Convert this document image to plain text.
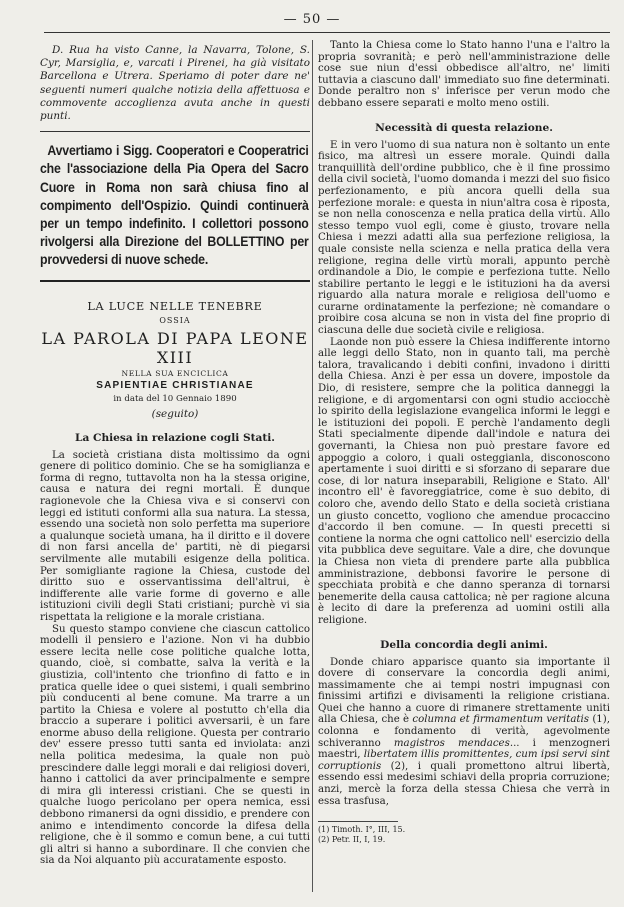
— 50 —

D. Rua ha visto Canne, la Navarra, Tolone, S. Cyr, Marsiglia, e, varcati i Pirenei, ha già visitato Barcellona e Utrera. Speriamo di poter dare ne' seguenti numeri qualche notizia della affettuosa e commovente accoglienza avuta anche in questi punti.

Avvertiamo i Sigg. Cooperatori e Cooperatrici che l'associazione della Pia Opera del Sacro Cuore in Roma non sarà chiusa fino al compimento dell'Ospizio. Quindi continuerà per un tempo indefinito. I collettori possono rivolgersi alla Direzione del BOLLETTINO per provvedersi di nuove schede.
LA LUCE NELLE TENEBRE
OSSIA
LA PAROLA DI PAPA LEONE XIII
NELLA SUA ENCICLICA
SAPIENTIAE CHRISTIANAE
in data del 10 Gennaio 1890
(seguito)
La Chiesa in relazione cogli Stati.

La società cristiana dista moltissimo da ogni genere di politico dominio. Che se ha somiglianza e forma di regno, tuttavolta non ha la stessa origine, causa e natura dei regni mortali. È dunque ragionevole che la Chiesa viva e si conservi con leggi ed istituti conformi alla sua natura. La stessa, essendo una società non solo perfetta ma superiore a qualunque società umana, ha il diritto e il dovere di non farsi ancella de' partiti, nè di piegarsi servilmente alle mutabili esigenze della politica. Per somigliante ragione la Chiesa, custode del diritto suo e osservantissima dell'altrui, è indifferente alle varie forme di governo e alle istituzioni civili degli Stati cristiani; purchè vi sia rispettata la religione e la morale cristiana.

Su questo stampo conviene che ciascun cattolico modelli il pensiero e l'azione. Non vi ha dubbio essere lecita nelle cose politiche qualche lotta, quando, cioè, si combatte, salva la verità e la giustizia, coll'intento che trionfino di fatto e in pratica quelle idee o quei sistemi, i quali sembrino più conducenti al bene comune. Ma trarre a un partito la Chiesa e volere al postutto ch'ella dia braccio a superare i politici avversarii, è un fare enorme abuso della religione. Questa per contrario dev' essere presso tutti santa ed inviolata: anzi nella politica medesima, la quale non può prescindere dalle leggi morali e dai religiosi doveri, hanno i cattolici da aver principalmente e sempre di mira gli interessi cristiani. Che se questi in qualche luogo pericolano per opera nemica, essi debbono rimanersi da ogni dissidio, e prendere con animo e intendimento concorde la difesa della religione, che è il sommo e comun bene, a cui tutti gli altri si hanno a subordinare. Il che convien che sia da Noi alquanto più accuratamente esposto.

Tanto la Chiesa come lo Stato hanno l'una e l'altro la propria sovranità; e però nell'amministrazione delle cose sue niun d'essi obbedisce all'altro, ne' limiti tuttavia a ciascuno dall' immediato suo fine determinati. Donde peraltro non s' inferisce per verun modo che debbano essere separati e molto meno ostili.

Necessità di questa relazione.

E in vero l'uomo di sua natura non è soltanto un ente fisico, ma altresì un essere morale. Quindi dalla tranquillità dell'ordine pubblico, che è il fine prossimo della civil società, l'uomo domanda i mezzi del suo fisico perfezionamento, e più ancora quelli della sua perfezione morale: e questa in niun'altra cosa è riposta, se non nella conoscenza e nella pratica della virtù. Allo stesso tempo vuol egli, come è giusto, trovare nella Chiesa i mezzi adatti alla sua perfezione religiosa, la quale consiste nella scienza e nella pratica della vera religione, regina delle virtù morali, appunto perchè ordinandole a Dio, le compie e perfeziona tutte. Nello stabilire pertanto le leggi e le istituzioni ha da aversi riguardo alla natura morale e religiosa dell'uomo e curarne ordinatamente la perfezione; nè comandare o proibire cosa alcuna se non in vista del fine proprio di ciascuna delle due società civile e religiosa.

Laonde non può essere la Chiesa indifferente intorno alle leggi dello Stato, non in quanto tali, ma perchè talora, travalicando i debiti confini, invadono i diritti della Chiesa. Anzi è per essa un dovere, impostole da Dio, di resistere, sempre che la politica danneggi la religione, e di argomentarsi con ogni studio acciocchè lo spirito della legislazione evangelica informi le leggi e le istituzioni dei popoli. E perchè l'andamento degli Stati specialmente dipende dall'indole e natura dei governanti, la Chiesa non può prestare favore ed appoggio a coloro, i quali osteggianla, disconoscono apertamente i suoi diritti e si sforzano di separare due cose, di lor natura inseparabili, Religione e Stato. All' incontro ell' è favoreggiatrice, come è suo debito, di coloro che, avendo dello Stato e della società cristiana un giusto concetto, vogliono che amendue procaccino d'accordo il ben comune. — In questi precetti si contiene la norma che ogni cattolico nell' esercizio della vita pubblica deve seguitare. Vale a dire, che dovunque la Chiesa non vieta di prendere parte alla pubblica amministrazione, debbonsi favorire le persone di specchiata probità e che danno speranza di tornarsi benemerite della causa cattolica; nè per ragione alcuna è lecito di dare la preferenza ad uomini ostili alla religione.

Della concordia degli animi.

Donde chiaro apparisce quanto sia importante il dovere di conservare la concordia degli animi, massimamente che ai tempi nostri impugnasi con finissimi artifizi e divisamenti la religione cristiana. Quei che hanno a cuore di rimanere strettamente uniti alla Chiesa, che è columna et firmamentum veritatis (1), colonna e fondamento di verità, agevolmente schiveranno magistros mendaces... i menzogneri maestri, libertatem illis promittentes, cum ipsi servi sint corruptionis (2), i quali promettono altrui libertà, essendo essi medesimi schiavi della propria corruzione; anzi, mercè la forza della stessa Chiesa che verrà in essa trasfusa,

(1) Timoth. I°, III, 15.
(2) Petr. II, I, 19.
